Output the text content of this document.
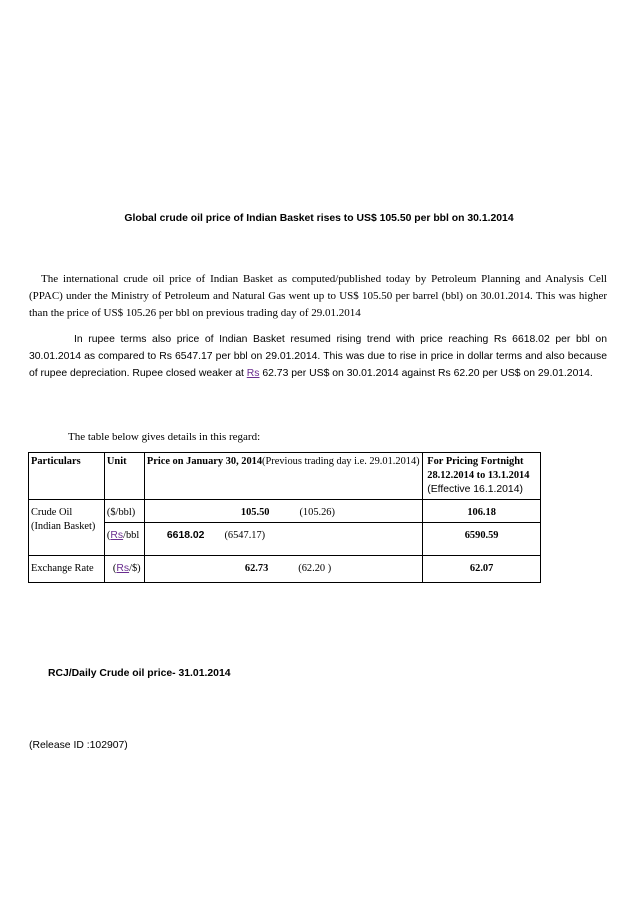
Global crude oil price of Indian Basket rises to US$ 105.50 per bbl on 30.1.2014

The international crude oil price of Indian Basket as computed/published today by Petroleum Planning and Analysis Cell (PPAC) under the Ministry of Petroleum and Natural Gas went up to US$ 105.50 per barrel (bbl) on 30.01.2014. This was higher than the price of US$ 105.26 per bbl on previous trading day of 29.01.2014

In rupee terms also price of Indian Basket resumed rising trend with price reaching Rs 6618.02 per bbl on 30.01.2014 as compared to Rs 6547.17 per bbl on 29.01.2014. This was due to rise in price in dollar terms and also because of rupee depreciation. Rupee closed weaker at Rs 62.73 per US$ on 30.01.2014 against Rs 62.20 per US$ on 29.01.2014.

The table below gives details in this regard:
Particulars	Unit	Price on January 30, 2014(Previous trading day i.e. 29.01.2014)	For Pricing Fortnight 28.12.2014 to 13.1.2014 (Effective 16.1.2014)
Crude Oil (Indian Basket)	($/bbl)	105.50 (105.26)	106.18
	(Rs/bbl	6618.02 (6547.17)	6590.59
Exchange Rate	(Rs/$)	62.73 (62.20 )	62.07
RCJ/Daily Crude oil price- 31.01.2014
(Release ID :102907)
